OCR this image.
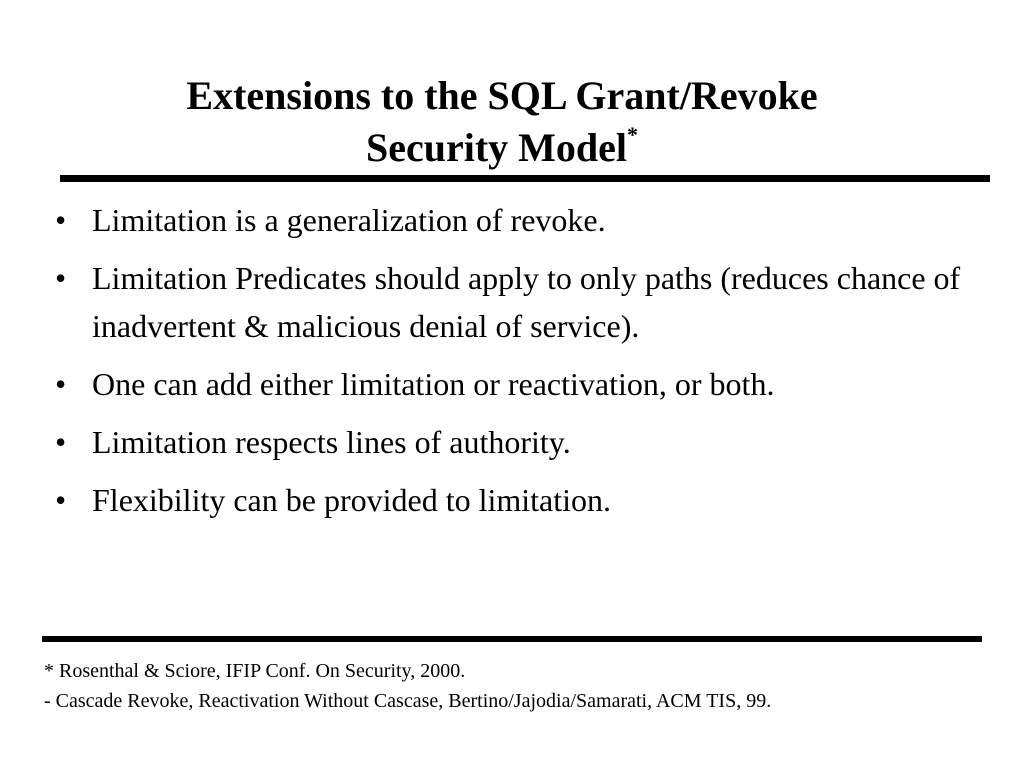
Extensions to the SQL Grant/Revoke
Security Model*
• Limitation is a generalization of revoke.
• Limitation Predicates should apply to only paths (reduces chance of inadvertent & malicious denial of service).
• One can add either limitation or reactivation, or both.
• Limitation respects lines of authority.
• Flexibility can be provided to limitation.
* Rosenthal & Sciore, IFIP Conf. On Security, 2000.
- Cascade Revoke, Reactivation Without Cascase, Bertino/Jajodia/Samarati, ACM TIS, 99.
